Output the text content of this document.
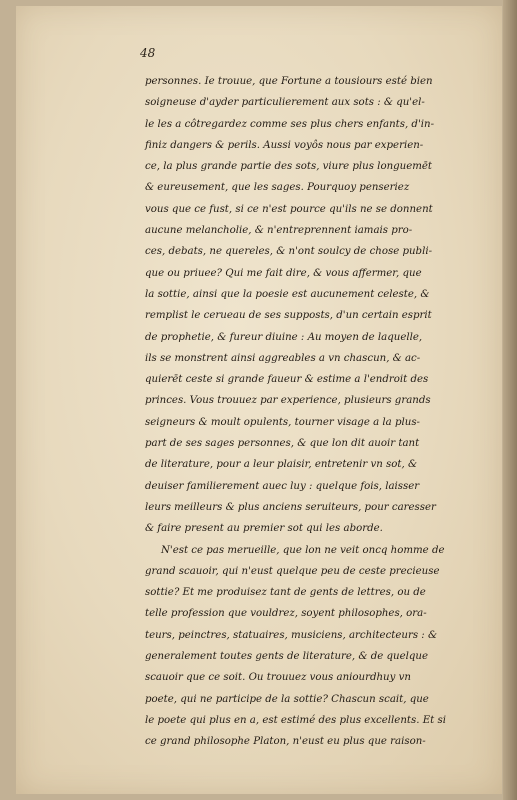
48
personnes. Ie trouue, que Fortune a tousiours esté bien
soigneuse d'ayder particulierement aux sots : & qu'el-
le les a côtregardez comme ses plus chers enfants, d'in-
finiz dangers & perils. Aussi voyôs nous par experien-
ce, la plus grande partie des sots, viure plus longuemēt
& eureusement, que les sages. Pourquoy penseriez
vous que ce fust, si ce n'est pource qu'ils ne se donnent
aucune melancholie, & n'entreprennent iamais pro-
ces, debats, ne quereles, & n'ont soulcy de chose publi-
que ou priuee? Qui me fait dire, & vous affermer, que
la sottie, ainsi que la poesie est aucunement celeste, &
remplist le cerueau de ses supposts, d'un certain esprit
de prophetie, & fureur diuine : Au moyen de laquelle,
ils se monstrent ainsi aggreables a vn chascun, & ac-
quierēt ceste si grande faueur & estime a l'endroit des
princes. Vous trouuez par experience, plusieurs grands
seigneurs & moult opulents, tourner visage a la plus-
part de ses sages personnes, & que lon dit auoir tant
de literature, pour a leur plaisir, entretenir vn sot, &
deuiser familierement auec luy : quelque fois, laisser
leurs meilleurs & plus anciens seruiteurs, pour caresser
& faire present au premier sot qui les aborde.
N'est ce pas merueille, que lon ne veit oncq homme de
grand scauoir, qui n'eust quelque peu de ceste precieuse
sottie? Et me produisez tant de gents de lettres, ou de
telle profession que vouldrez, soyent philosophes, ora-
teurs, peinctres, statuaires, musiciens, architecteurs : &
generalement toutes gents de literature, & de quelque
scauoir que ce soit. Ou trouuez vous aniourdhuy vn
poete, qui ne participe de la sottie? Chascun scait, que
le poete qui plus en a, est estimé des plus excellents. Et si
ce grand philosophe Platon, n'eust eu plus que raison-
